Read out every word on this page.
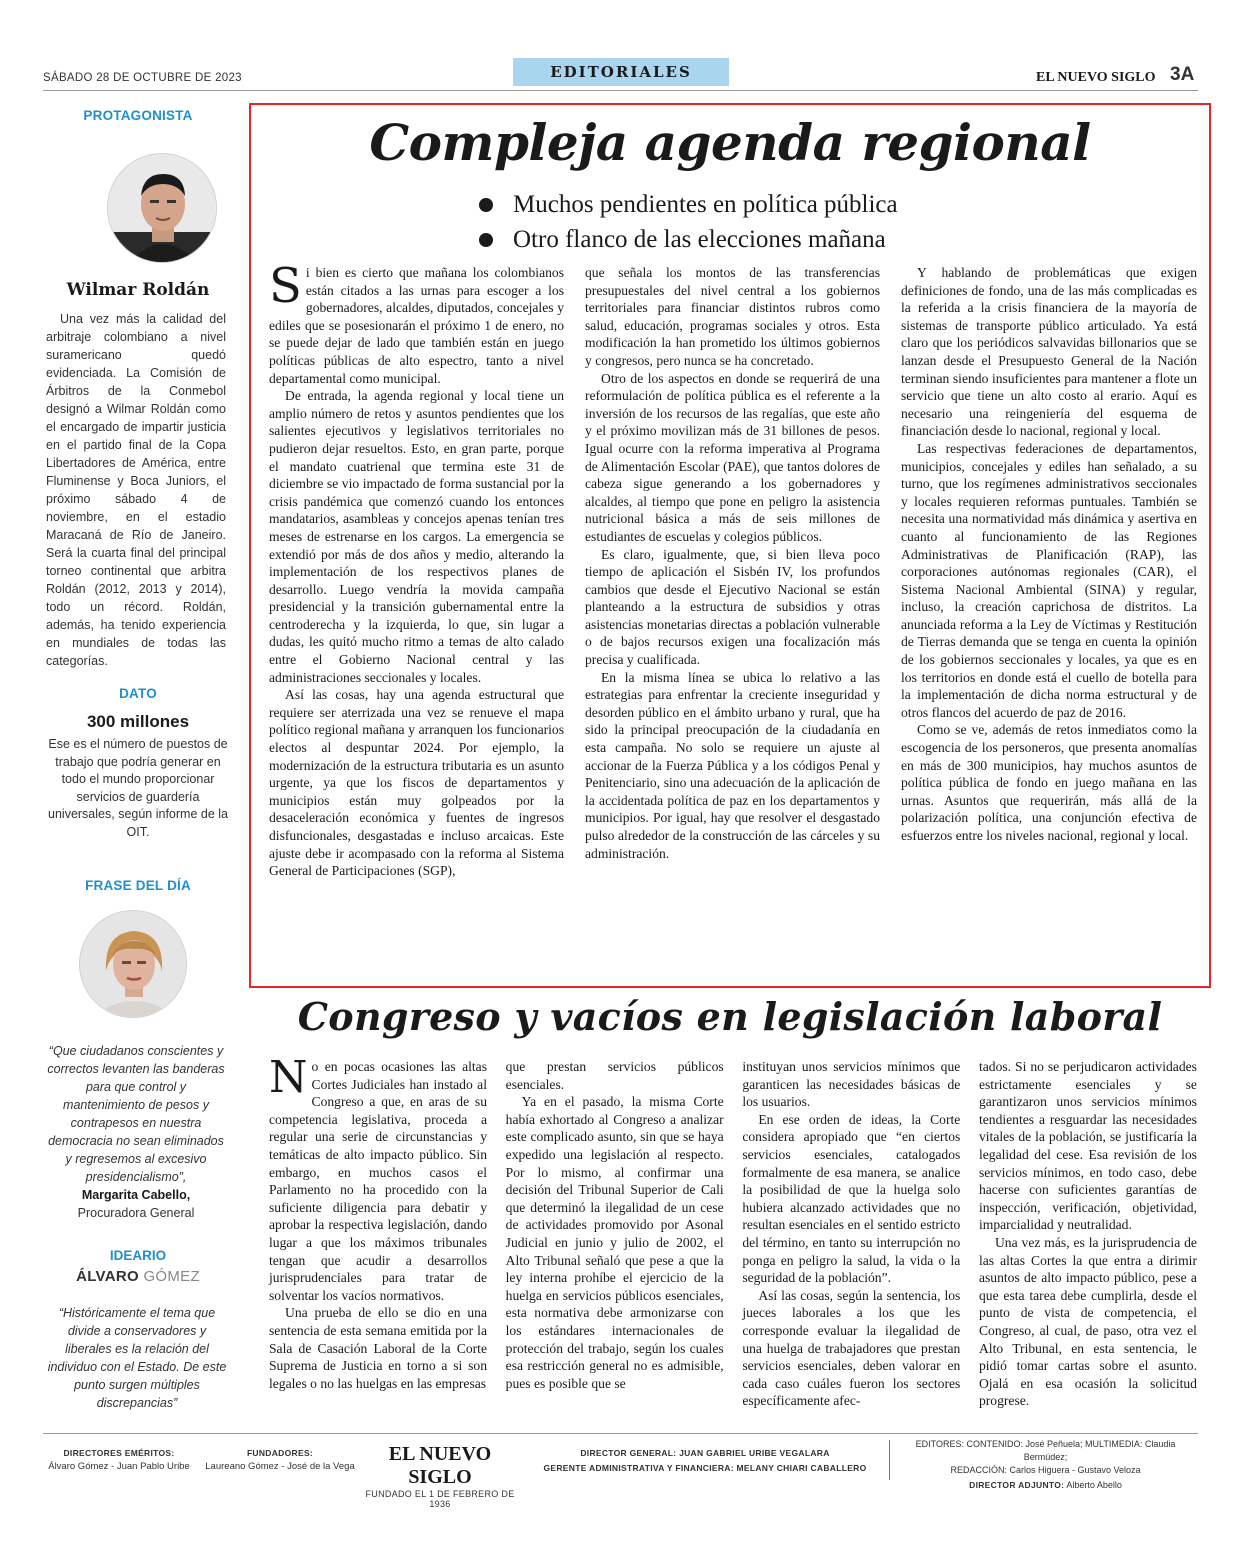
SÁBADO 28 DE OCTUBRE DE 2023	EDITORIALES	EL NUEVO SIGLO 3A
PROTAGONISTA
Wilmar Roldán

Una vez más la calidad del arbitraje colombiano a nivel suramericano quedó evidenciada. La Comisión de Árbitros de la Conmebol designó a Wilmar Roldán como el encargado de impartir justicia en el partido final de la Copa Libertadores de América, entre Fluminense y Boca Juniors, el próximo sábado 4 de noviembre, en el estadio Maracaná de Río de Janeiro. Será la cuarta final del principal torneo continental que arbitra Roldán (2012, 2013 y 2014), todo un récord. Roldán, además, ha tenido experiencia en mundiales de todas las categorías.

DATO
300 millones

Ese es el número de puestos de trabajo que podría generar en todo el mundo proporcionar servicios de guardería universales, según informe de la OIT.

FRASE DEL DÍA

“Que ciudadanos conscientes y correctos levanten las banderas para que control y mantenimiento de pesos y contrapesos en nuestra democracia no sean eliminados y regresemos al excesivo presidencialismo”,
Margarita Cabello,
Procuradora General

IDEARIO
ÁLVARO GÓMEZ

“Históricamente el tema que divide a conservadores y liberales es la relación del individuo con el Estado. De este punto surgen múltiples discrepancias”

Compleja agenda regional
Muchos pendientes en política pública
Otro flanco de las elecciones mañana

Si bien es cierto que mañana los colombianos están citados a las urnas para escoger a los gobernadores, alcaldes, diputados, concejales y ediles que se posesionarán el próximo 1 de enero, no se puede dejar de lado que también están en juego políticas públicas de alto espectro, tanto a nivel departamental como municipal.

De entrada, la agenda regional y local tiene un amplio número de retos y asuntos pendientes que los salientes ejecutivos y legislativos territoriales no pudieron dejar resueltos. Esto, en gran parte, porque el mandato cuatrienal que termina este 31 de diciembre se vio impactado de forma sustancial por la crisis pandémica que comenzó cuando los entonces mandatarios, asambleas y concejos apenas tenían tres meses de estrenarse en los cargos. La emergencia se extendió por más de dos años y medio, alterando la implementación de los respectivos planes de desarrollo. Luego vendría la movida campaña presidencial y la transición gubernamental entre la centroderecha y la izquierda, lo que, sin lugar a dudas, les quitó mucho ritmo a temas de alto calado entre el Gobierno Nacional central y las administraciones seccionales y locales.

Así las cosas, hay una agenda estructural que requiere ser aterrizada una vez se renueve el mapa político regional mañana y arranquen los funcionarios electos al despuntar 2024. Por ejemplo, la modernización de la estructura tributaria es un asunto urgente, ya que los fiscos de departamentos y municipios están muy golpeados por la desaceleración económica y fuentes de ingresos disfuncionales, desgastadas e incluso arcaicas. Este ajuste debe ir acompasado con la reforma al Sistema General de Participaciones (SGP),

que señala los montos de las transferencias presupuestales del nivel central a los gobiernos territoriales para financiar distintos rubros como salud, educación, programas sociales y otros. Esta modificación la han prometido los últimos gobiernos y congresos, pero nunca se ha concretado.

Otro de los aspectos en donde se requerirá de una reformulación de política pública es el referente a la inversión de los recursos de las regalías, que este año y el próximo movilizan más de 31 billones de pesos. Igual ocurre con la reforma imperativa al Programa de Alimentación Escolar (PAE), que tantos dolores de cabeza sigue generando a los gobernadores y alcaldes, al tiempo que pone en peligro la asistencia nutricional básica a más de seis millones de estudiantes de escuelas y colegios públicos.

Es claro, igualmente, que, si bien lleva poco tiempo de aplicación el Sisbén IV, los profundos cambios que desde el Ejecutivo Nacional se están planteando a la estructura de subsidios y otras asistencias monetarias directas a población vulnerable o de bajos recursos exigen una focalización más precisa y cualificada.

En la misma línea se ubica lo relativo a las estrategias para enfrentar la creciente inseguridad y desorden público en el ámbito urbano y rural, que ha sido la principal preocupación de la ciudadanía en esta campaña. No solo se requiere un ajuste al accionar de la Fuerza Pública y a los códigos Penal y Penitenciario, sino una adecuación de la aplicación de la accidentada política de paz en los departamentos y municipios. Por igual, hay que resolver el desgastado pulso alrededor de la construcción de las cárceles y su administración.

Y hablando de problemáticas que exigen definiciones de fondo, una de las más complicadas es la referida a la crisis financiera de la mayoría de sistemas de transporte público articulado. Ya está claro que los periódicos salvavidas billonarios que se lanzan desde el Presupuesto General de la Nación terminan siendo insuficientes para mantener a flote un servicio que tiene un alto costo al erario. Aquí es necesario una reingeniería del esquema de financiación desde lo nacional, regional y local.

Las respectivas federaciones de departamentos, municipios, concejales y ediles han señalado, a su turno, que los regímenes administrativos seccionales y locales requieren reformas puntuales. También se necesita una normatividad más dinámica y asertiva en cuanto al funcionamiento de las Regiones Administrativas de Planificación (RAP), las corporaciones autónomas regionales (CAR), el Sistema Nacional Ambiental (SINA) y regular, incluso, la creación caprichosa de distritos. La anunciada reforma a la Ley de Víctimas y Restitución de Tierras demanda que se tenga en cuenta la opinión de los gobiernos seccionales y locales, ya que es en los territorios en donde está el cuello de botella para la implementación de dicha norma estructural y de otros flancos del acuerdo de paz de 2016.

Como se ve, además de retos inmediatos como la escogencia de los personeros, que presenta anomalías en más de 300 municipios, hay muchos asuntos de política pública de fondo en juego mañana en las urnas. Asuntos que requerirán, más allá de la polarización política, una conjunción efectiva de esfuerzos entre los niveles nacional, regional y local.

Congreso y vacíos en legislación laboral

No en pocas ocasiones las altas Cortes Judiciales han instado al Congreso a que, en aras de su competencia legislativa, proceda a regular una serie de circunstancias y temáticas de alto impacto público. Sin embargo, en muchos casos el Parlamento no ha procedido con la suficiente diligencia para debatir y aprobar la respectiva legislación, dando lugar a que los máximos tribunales tengan que acudir a desarrollos jurisprudenciales para tratar de solventar los vacíos normativos.

Una prueba de ello se dio en una sentencia de esta semana emitida por la Sala de Casación Laboral de la Corte Suprema de Justicia en torno a si son legales o no las huelgas en las empresas

que prestan servicios públicos esenciales.

Ya en el pasado, la misma Corte había exhortado al Congreso a analizar este complicado asunto, sin que se haya expedido una legislación al respecto. Por lo mismo, al confirmar una decisión del Tribunal Superior de Cali que determinó la ilegalidad de un cese de actividades promovido por Asonal Judicial en junio y julio de 2002, el Alto Tribunal señaló que pese a que la ley interna prohíbe el ejercicio de la huelga en servicios públicos esenciales, esta normativa debe armonizarse con los estándares internacionales de protección del trabajo, según los cuales esa restricción general no es admisible, pues es posible que se

instituyan unos servicios mínimos que garanticen las necesidades básicas de los usuarios.

En ese orden de ideas, la Corte considera apropiado que “en ciertos servicios esenciales, catalogados formalmente de esa manera, se analice la posibilidad de que la huelga solo hubiera alcanzado actividades que no resultan esenciales en el sentido estricto del término, en tanto su interrupción no ponga en peligro la salud, la vida o la seguridad de la población”.

Así las cosas, según la sentencia, los jueces laborales a los que les corresponde evaluar la ilegalidad de una huelga de trabajadores que prestan servicios esenciales, deben valorar en cada caso cuáles fueron los sectores específicamente afec-

tados. Si no se perjudicaron actividades estrictamente esenciales y se garantizaron unos servicios mínimos tendientes a resguardar las necesidades vitales de la población, se justificaría la legalidad del cese. Esa revisión de los servicios mínimos, en todo caso, debe hacerse con suficientes garantías de inspección, verificación, objetividad, imparcialidad y neutralidad.

Una vez más, es la jurisprudencia de las altas Cortes la que entra a dirimir asuntos de alto impacto público, pese a que esta tarea debe cumplirla, desde el punto de vista de competencia, el Congreso, al cual, de paso, otra vez el Alto Tribunal, en esta sentencia, le pidió tomar cartas sobre el asunto. Ojalá en esa ocasión la solicitud progrese.

DIRECTORES EMÉRITOS:
Álvaro Gómez - Juan Pablo Uribe
FUNDADORES:
Laureano Gómez - José de la Vega
EL NUEVO SIGLO
FUNDADO EL 1 DE FEBRERO DE 1936
DIRECTOR GENERAL: JUAN GABRIEL URIBE VEGALARA
GERENTE ADMINISTRATIVA Y FINANCIERA: MELANY CHIARI CABALLERO
EDITORES: CONTENIDO: José Peñuela; MULTIMEDIA: Claudia Bermúdez;
REDACCIÓN: Carlos Higuera - Gustavo Veloza
DIRECTOR ADJUNTO: Alberto Abello
